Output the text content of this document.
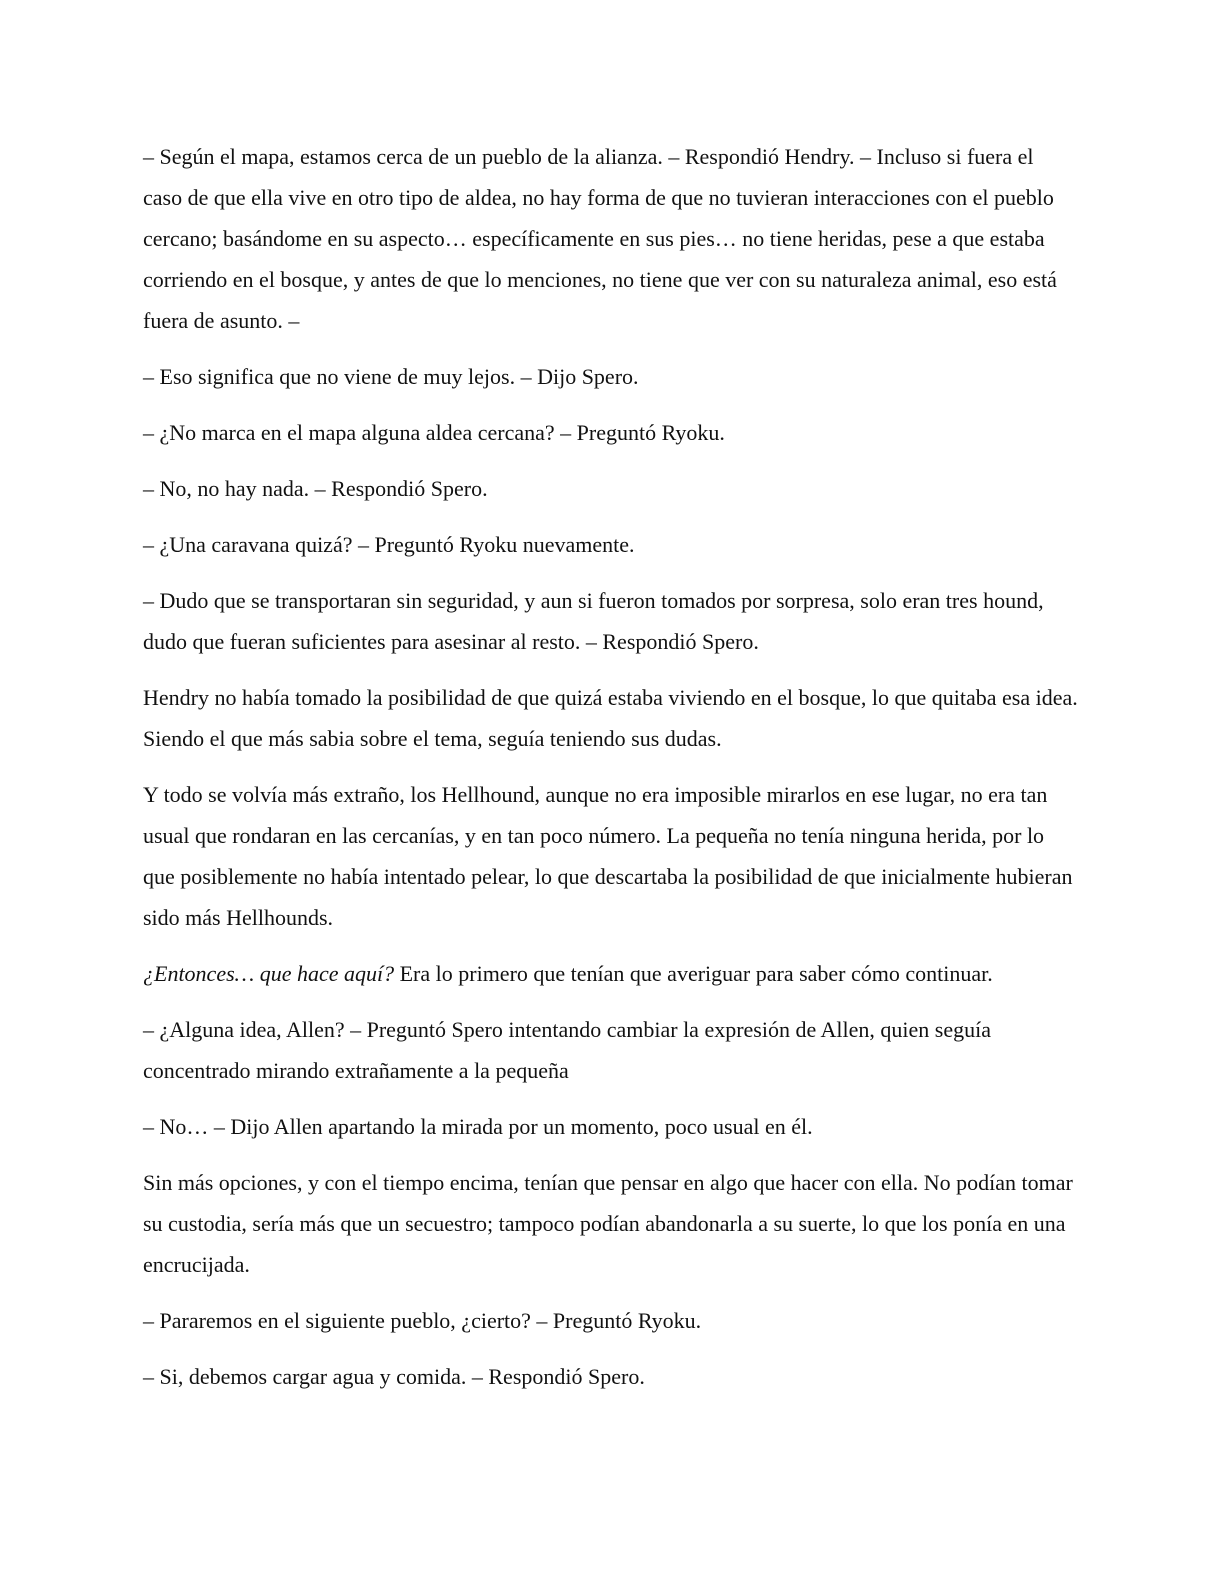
– Según el mapa, estamos cerca de un pueblo de la alianza. – Respondió Hendry. – Incluso si fuera el caso de que ella vive en otro tipo de aldea, no hay forma de que no tuvieran interacciones con el pueblo cercano; basándome en su aspecto… específicamente en sus pies… no tiene heridas, pese a que estaba corriendo en el bosque, y antes de que lo menciones, no tiene que ver con su naturaleza animal, eso está fuera de asunto. –

– Eso significa que no viene de muy lejos. – Dijo Spero.

– ¿No marca en el mapa alguna aldea cercana? – Preguntó Ryoku.

– No, no hay nada. – Respondió Spero.

– ¿Una caravana quizá? – Preguntó Ryoku nuevamente.

– Dudo que se transportaran sin seguridad, y aun si fueron tomados por sorpresa, solo eran tres hound, dudo que fueran suficientes para asesinar al resto. – Respondió Spero.

Hendry no había tomado la posibilidad de que quizá estaba viviendo en el bosque, lo que quitaba esa idea. Siendo el que más sabia sobre el tema, seguía teniendo sus dudas.

Y todo se volvía más extraño, los Hellhound, aunque no era imposible mirarlos en ese lugar, no era tan usual que rondaran en las cercanías, y en tan poco número. La pequeña no tenía ninguna herida, por lo que posiblemente no había intentado pelear, lo que descartaba la posibilidad de que inicialmente hubieran sido más Hellhounds.

¿Entonces… que hace aquí? Era lo primero que tenían que averiguar para saber cómo continuar.

– ¿Alguna idea, Allen? – Preguntó Spero intentando cambiar la expresión de Allen, quien seguía concentrado mirando extrañamente a la pequeña

– No… – Dijo Allen apartando la mirada por un momento, poco usual en él.

Sin más opciones, y con el tiempo encima, tenían que pensar en algo que hacer con ella. No podían tomar su custodia, sería más que un secuestro; tampoco podían abandonarla a su suerte, lo que los ponía en una encrucijada.

– Pararemos en el siguiente pueblo, ¿cierto? – Preguntó Ryoku.

– Si, debemos cargar agua y comida. – Respondió Spero.
